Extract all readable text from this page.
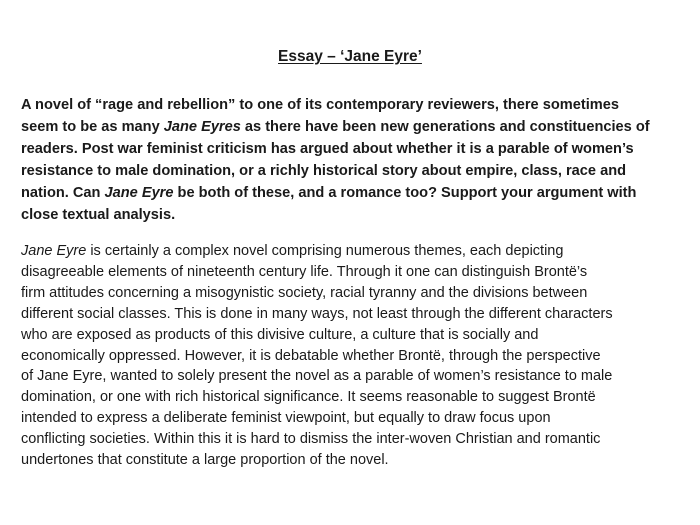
Essay – ‘Jane Eyre’
A novel of “rage and rebellion” to one of its contemporary reviewers, there sometimes
seem to be as many Jane Eyres as there have been new generations and constituencies of
readers. Post war feminist criticism has argued about whether it is a parable of women’s
resistance to male domination, or a richly historical story about empire, class, race and
nation. Can Jane Eyre be both of these, and a romance too? Support your argument with
close textual analysis.
Jane Eyre is certainly a complex novel comprising numerous themes, each depicting
disagreeable elements of nineteenth century life. Through it one can distinguish Brontë’s
firm attitudes concerning a misogynistic society, racial tyranny and the divisions between
different social classes. This is done in many ways, not least through the different characters
who are exposed as products of this divisive culture, a culture that is socially and
economically oppressed. However, it is debatable whether Brontë, through the perspective
of Jane Eyre, wanted to solely present the novel as a parable of women’s resistance to male
domination, or one with rich historical significance. It seems reasonable to suggest Brontë
intended to express a deliberate feminist viewpoint, but equally to draw focus upon
conflicting societies. Within this it is hard to dismiss the inter-woven Christian and romantic
undertones that constitute a large proportion of the novel.
